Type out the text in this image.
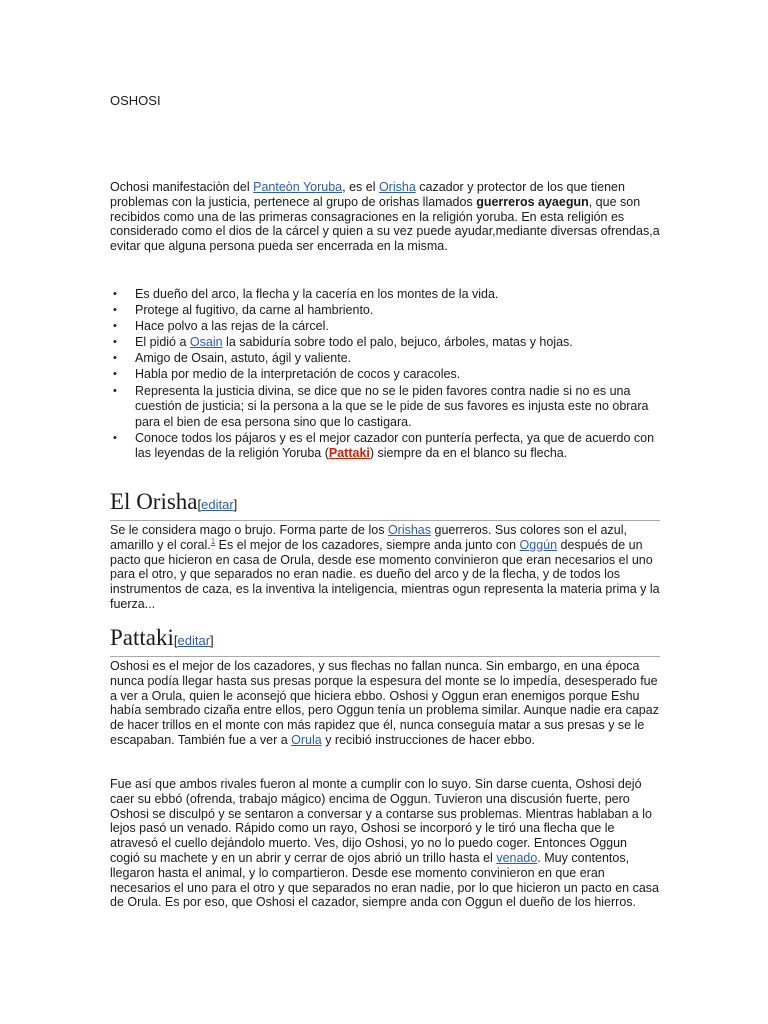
OSHOSI

Ochosi manifestaciòn del Panteòn Yoruba, es el Orisha cazador y protector de los que tienen problemas con la justicia, pertenece al grupo de orishas llamados guerreros ayaegun, que son recibidos como una de las primeras consagraciones en la religión yoruba. En esta religión es considerado como el dios de la cárcel y quien a su vez puede ayudar,mediante diversas ofrendas,a evitar que alguna persona pueda ser encerrada en la misma.

• Es dueño del arco, la flecha y la cacería en los montes de la vida.
• Protege al fugitivo, da carne al hambriento.
• Hace polvo a las rejas de la cárcel.
• El pidió a Osain la sabiduría sobre todo el palo, bejuco, árboles, matas y hojas.
• Amigo de Osain, astuto, ágil y valiente.
• Habla por medio de la interpretación de cocos y caracoles.
• Representa la justicia divina, se dice que no se le piden favores contra nadie si no es una cuestión de justicia; si la persona a la que se le pide de sus favores es injusta este no obrara para el bien de esa persona sino que lo castigara.
• Conoce todos los pájaros y es el mejor cazador con puntería perfecta, ya que de acuerdo con las leyendas de la religión Yoruba (Pattaki) siempre da en el blanco su flecha.
El Orisha[editar]

Se le considera mago o brujo. Forma parte de los Orishas guerreros. Sus colores son el azul, amarillo y el coral.$^1$ Es el mejor de los cazadores, siempre anda junto con Oggún después de un pacto que hicieron en casa de Orula, desde ese momento convinieron que eran necesarios el uno para el otro, y que separados no eran nadie. es dueño del arco y de la flecha, y de todos los instrumentos de caza, es la inventiva la inteligencia, mientras ogun representa la materia prima y la fuerza...

Pattaki[editar]

Oshosi es el mejor de los cazadores, y sus flechas no fallan nunca. Sin embargo, en una época nunca podía llegar hasta sus presas porque la espesura del monte se lo impedía, desesperado fue a ver a Orula, quien le aconsejó que hiciera ebbo. Oshosi y Oggun eran enemigos porque Eshu había sembrado cizaña entre ellos, pero Oggun tenía un problema similar. Aunque nadie era capaz de hacer trillos en el monte con más rapidez que él, nunca conseguía matar a sus presas y se le escapaban. También fue a ver a Orula y recibió instrucciones de hacer ebbo.

Fue así que ambos rivales fueron al monte a cumplir con lo suyo. Sin darse cuenta, Oshosi dejó caer su ebbó (ofrenda, trabajo mágico) encima de Oggun. Tuvieron una discusión fuerte, pero Oshosi se disculpó y se sentaron a conversar y a contarse sus problemas. Mientras hablaban a lo lejos pasó un venado. Rápido como un rayo, Oshosi se incorporó y le tiró una flecha que le atravesó el cuello dejándolo muerto. Ves, dijo Oshosi, yo no lo puedo coger. Entonces Oggun cogió su machete y en un abrir y cerrar de ojos abrió un trillo hasta el venado. Muy contentos, llegaron hasta el animal, y lo compartieron. Desde ese momento convinieron en que eran necesarios el uno para el otro y que separados no eran nadie, por lo que hicieron un pacto en casa de Orula. Es por eso, que Oshosi el cazador, siempre anda con Oggun el dueño de los hierros.
